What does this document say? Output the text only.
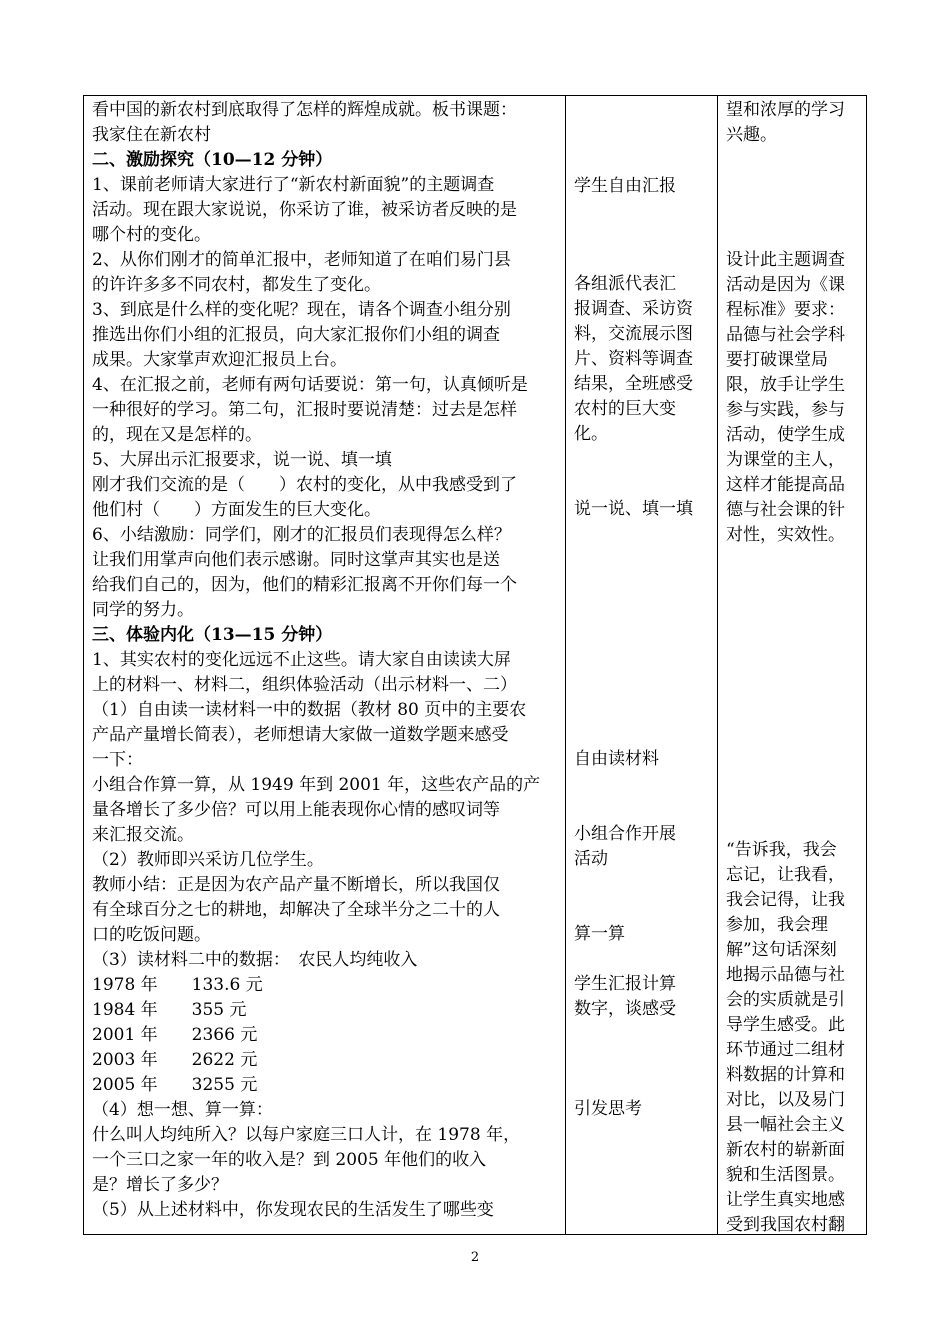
看中国的新农村到底取得了怎样的辉煌成就。板书课题：
我家住在新农村
二、激励探究（10—12 分钟）
1、课前老师请大家进行了“新农村新面貌”的主题调查
活动。现在跟大家说说，你采访了谁，被采访者反映的是
哪个村的变化。
2、从你们刚才的简单汇报中，老师知道了在咱们易门县
的许许多多不同农村，都发生了变化。
3、到底是什么样的变化呢？现在，请各个调查小组分别
推选出你们小组的汇报员，向大家汇报你们小组的调查
成果。大家掌声欢迎汇报员上台。
4、在汇报之前，老师有两句话要说：第一句，认真倾听是
一种很好的学习。第二句，汇报时要说清楚：过去是怎样
的，现在又是怎样的。
5、大屏出示汇报要求，说一说、填一填
刚才我们交流的是（　　）农村的变化，从中我感受到了
他们村（　　）方面发生的巨大变化。
6、小结激励：同学们，刚才的汇报员们表现得怎么样？
让我们用掌声向他们表示感谢。同时这掌声其实也是送
给我们自己的，因为，他们的精彩汇报离不开你们每一个
同学的努力。
三、体验内化（13—15 分钟）
1、其实农村的变化远远不止这些。请大家自由读读大屏
上的材料一、材料二，组织体验活动（出示材料一、二）
（1）自由读一读材料一中的数据（教材 80 页中的主要农
产品产量增长简表），老师想请大家做一道数学题来感受
一下：
小组合作算一算，从 1949 年到 2001 年，这些农产品的产
量各增长了多少倍？可以用上能表现你心情的感叹词等
来汇报交流。
（2）教师即兴采访几位学生。
教师小结：正是因为农产品产量不断增长，所以我国仅
有全球百分之七的耕地，却解决了全球半分之二十的人
口的吃饭问题。
（3）读材料二中的数据：　农民人均纯收入
1978 年　　133.6 元
1984 年　　355 元
2001 年　　2366 元
2003 年　　2622 元
2005 年　　3255 元
（4）想一想、算一算：
什么叫人均纯所入？以每户家庭三口人计，在 1978 年，
一个三口之家一年的收入是？到 2005 年他们的收入
是？增长了多少？
（5）从上述材料中，你发现农民的生活发生了哪些变
学生自由汇报
各组派代表汇
报调查、采访资
料，交流展示图
片、资料等调查
结果，全班感受
农村的巨大变
化。
说一说、填一填
自由读材料
小组合作开展
活动
算一算
学生汇报计算
数字，谈感受
引发思考
望和浓厚的学习
兴趣。
设计此主题调查
活动是因为《课
程标准》要求：
品德与社会学科
要打破课堂局
限，放手让学生
参与实践，参与
活动，使学生成
为课堂的主人，
这样才能提高品
德与社会课的针
对性，实效性。
“告诉我，我会
忘记，让我看，
我会记得，让我
参加，我会理
解”这句话深刻
地揭示品德与社
会的实质就是引
导学生感受。此
环节通过二组材
料数据的计算和
对比，以及易门
县一幅社会主义
新农村的崭新面
貌和生活图景。
让学生真实地感
受到我国农村翻
2
